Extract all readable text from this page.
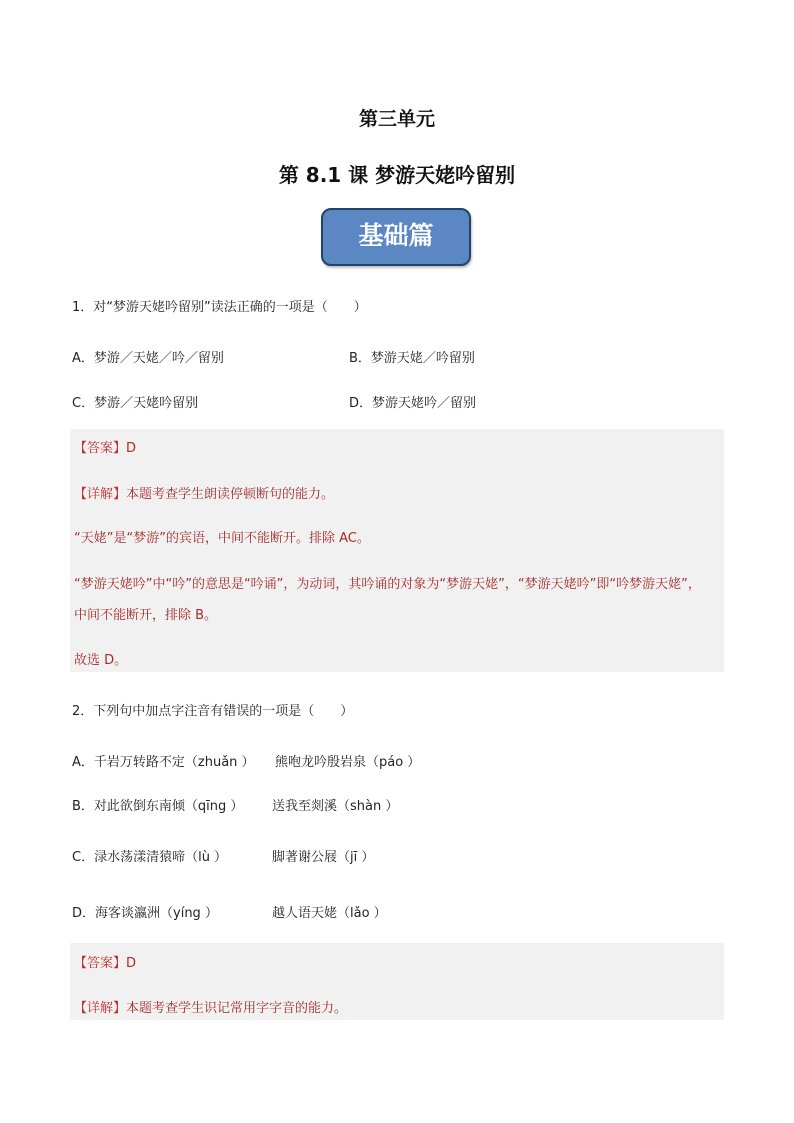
第三单元
第 8.1 课 梦游天姥吟留别
基础篇
1．对“梦游天姥吟留别”读法正确的一项是（　　）
A．梦游／天姥／吟／留别	B．梦游天姥／吟留别
C．梦游／天姥吟留别	D．梦游天姥吟／留别
【答案】D
【详解】本题考查学生朗读停顿断句的能力。
“天姥”是“梦游”的宾语，中间不能断开。排除 AC。
“梦游天姥吟”中“吟”的意思是“吟诵”，为动词，其吟诵的对象为“梦游天姥”，“梦游天姥吟”即“吟梦游天姥”，
中间不能断开，排除 B。
故选 D。
2．下列句中加点字注音有错误的一项是（　　）
A．千岩万转路不定（zhuǎn ） 熊咆龙吟殷岩泉（páo ）
B．对此欲倒东南倾（qīng ） 送我至剡溪（shàn ）
C．渌水荡漾清猿啼（lù ）	脚著谢公屐（jī ）
D．海客谈瀛洲（yíng ）	越人语天姥（lǎo ）
【答案】D
【详解】本题考查学生识记常用字字音的能力。
